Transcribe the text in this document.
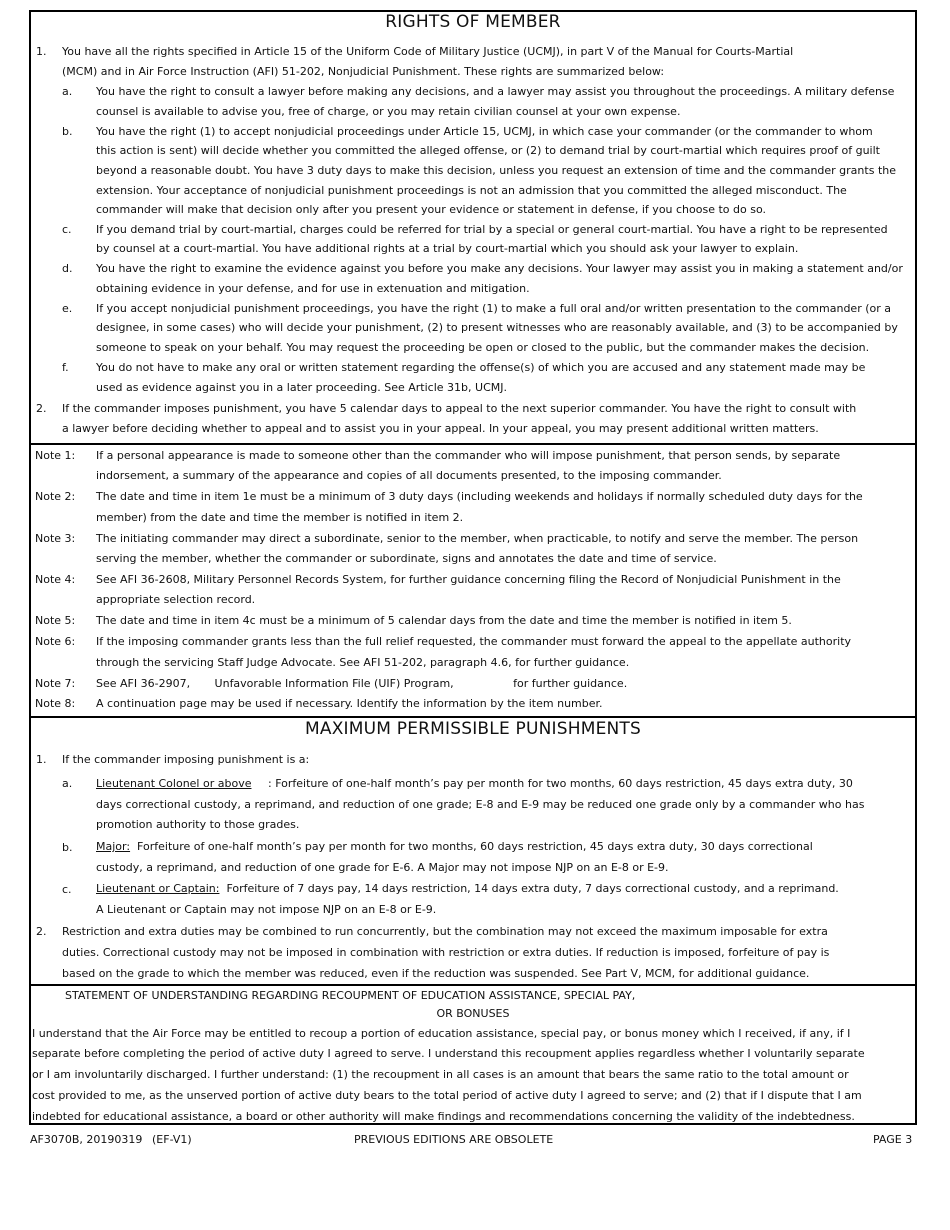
RIGHTS OF MEMBER
1. You have all the rights specified in Article 15 of the Uniform Code of Military Justice (UCMJ), in part V of the Manual for Courts-Martial
(MCM) and in Air Force Instruction (AFI) 51-202, Nonjudicial Punishment. These rights are summarized below:
a. You have the right to consult a lawyer before making any decisions, and a lawyer may assist you throughout the proceedings. A military defense
counsel is available to advise you, free of charge, or you may retain civilian counsel at your own expense.
b. You have the right (1) to accept nonjudicial proceedings under Article 15, UCMJ, in which case your commander (or the commander to whom
this action is sent) will decide whether you committed the alleged offense, or (2) to demand trial by court-martial which requires proof of guilt
beyond a reasonable doubt. You have 3 duty days to make this decision, unless you request an extension of time and the commander grants the
extension. Your acceptance of nonjudicial punishment proceedings is not an admission that you committed the alleged misconduct. The
commander will make that decision only after you present your evidence or statement in defense, if you choose to do so.
c. If you demand trial by court-martial, charges could be referred for trial by a special or general court-martial. You have a right to be represented
by counsel at a court-martial. You have additional rights at a trial by court-martial which you should ask your lawyer to explain.
d. You have the right to examine the evidence against you before you make any decisions. Your lawyer may assist you in making a statement and/or
obtaining evidence in your defense, and for use in extenuation and mitigation.
e. If you accept nonjudicial punishment proceedings, you have the right (1) to make a full oral and/or written presentation to the commander (or a
designee, in some cases) who will decide your punishment, (2) to present witnesses who are reasonably available, and (3) to be accompanied by
someone to speak on your behalf. You may request the proceeding be open or closed to the public, but the commander makes the decision.
f. You do not have to make any oral or written statement regarding the offense(s) of which you are accused and any statement made may be
used as evidence against you in a later proceeding. See Article 31b, UCMJ.
2. If the commander imposes punishment, you have 5 calendar days to appeal to the next superior commander. You have the right to consult with
a lawyer before deciding whether to appeal and to assist you in your appeal. In your appeal, you may present additional written matters.
Note 1: If a personal appearance is made to someone other than the commander who will impose punishment, that person sends, by separate
indorsement, a summary of the appearance and copies of all documents presented, to the imposing commander.
Note 2: The date and time in item 1e must be a minimum of 3 duty days (including weekends and holidays if normally scheduled duty days for the
member) from the date and time the member is notified in item 2.
Note 3: The initiating commander may direct a subordinate, senior to the member, when practicable, to notify and serve the member. The person
serving the member, whether the commander or subordinate, signs and annotates the date and time of service.
Note 4: See AFI 36-2608, Military Personnel Records System, for further guidance concerning filing the Record of Nonjudicial Punishment in the
appropriate selection record.
Note 5: The date and time in item 4c must be a minimum of 5 calendar days from the date and time the member is notified in item 5.
Note 6: If the imposing commander grants less than the full relief requested, the commander must forward the appeal to the appellate authority
through the servicing Staff Judge Advocate. See AFI 51-202, paragraph 4.6, for further guidance.
Note 7: See AFI 36-2907,       Unfavorable Information File (UIF) Program,                 for further guidance.
Note 8: A continuation page may be used if necessary. Identify the information by the item number.
MAXIMUM PERMISSIBLE PUNISHMENTS
1. If the commander imposing punishment is a:
a. Lieutenant Colonel or above : Forfeiture of one-half month’s pay per month for two months, 60 days restriction, 45 days extra duty, 30
days correctional custody, a reprimand, and reduction of one grade; E-8 and E-9 may be reduced one grade only by a commander who has
promotion authority to those grades.
b. Major:  Forfeiture of one-half month’s pay per month for two months, 60 days restriction, 45 days extra duty, 30 days correctional
custody, a reprimand, and reduction of one grade for E-6. A Major may not impose NJP on an E-8 or E-9.
c. Lieutenant or Captain:  Forfeiture of 7 days pay, 14 days restriction, 14 days extra duty, 7 days correctional custody, and a reprimand.
A Lieutenant or Captain may not impose NJP on an E-8 or E-9.
2. Restriction and extra duties may be combined to run concurrently, but the combination may not exceed the maximum imposable for extra
duties. Correctional custody may not be imposed in combination with restriction or extra duties. If reduction is imposed, forfeiture of pay is
based on the grade to which the member was reduced, even if the reduction was suspended. See Part V, MCM, for additional guidance.
STATEMENT OF UNDERSTANDING REGARDING RECOUPMENT OF EDUCATION ASSISTANCE, SPECIAL PAY,
OR BONUSES
I understand that the Air Force may be entitled to recoup a portion of education assistance, special pay, or bonus money which I received, if any, if I
separate before completing the period of active duty I agreed to serve. I understand this recoupment applies regardless whether I voluntarily separate
or I am involuntarily discharged. I further understand: (1) the recoupment in all cases is an amount that bears the same ratio to the total amount or
cost provided to me, as the unserved portion of active duty bears to the total period of active duty I agreed to serve; and (2) that if I dispute that I am
indebted for educational assistance, a board or other authority will make findings and recommendations concerning the validity of the indebtedness.
AF3070B, 20190319 (EF-V1)	PREVIOUS EDITIONS ARE OBSOLETE	PAGE 3
